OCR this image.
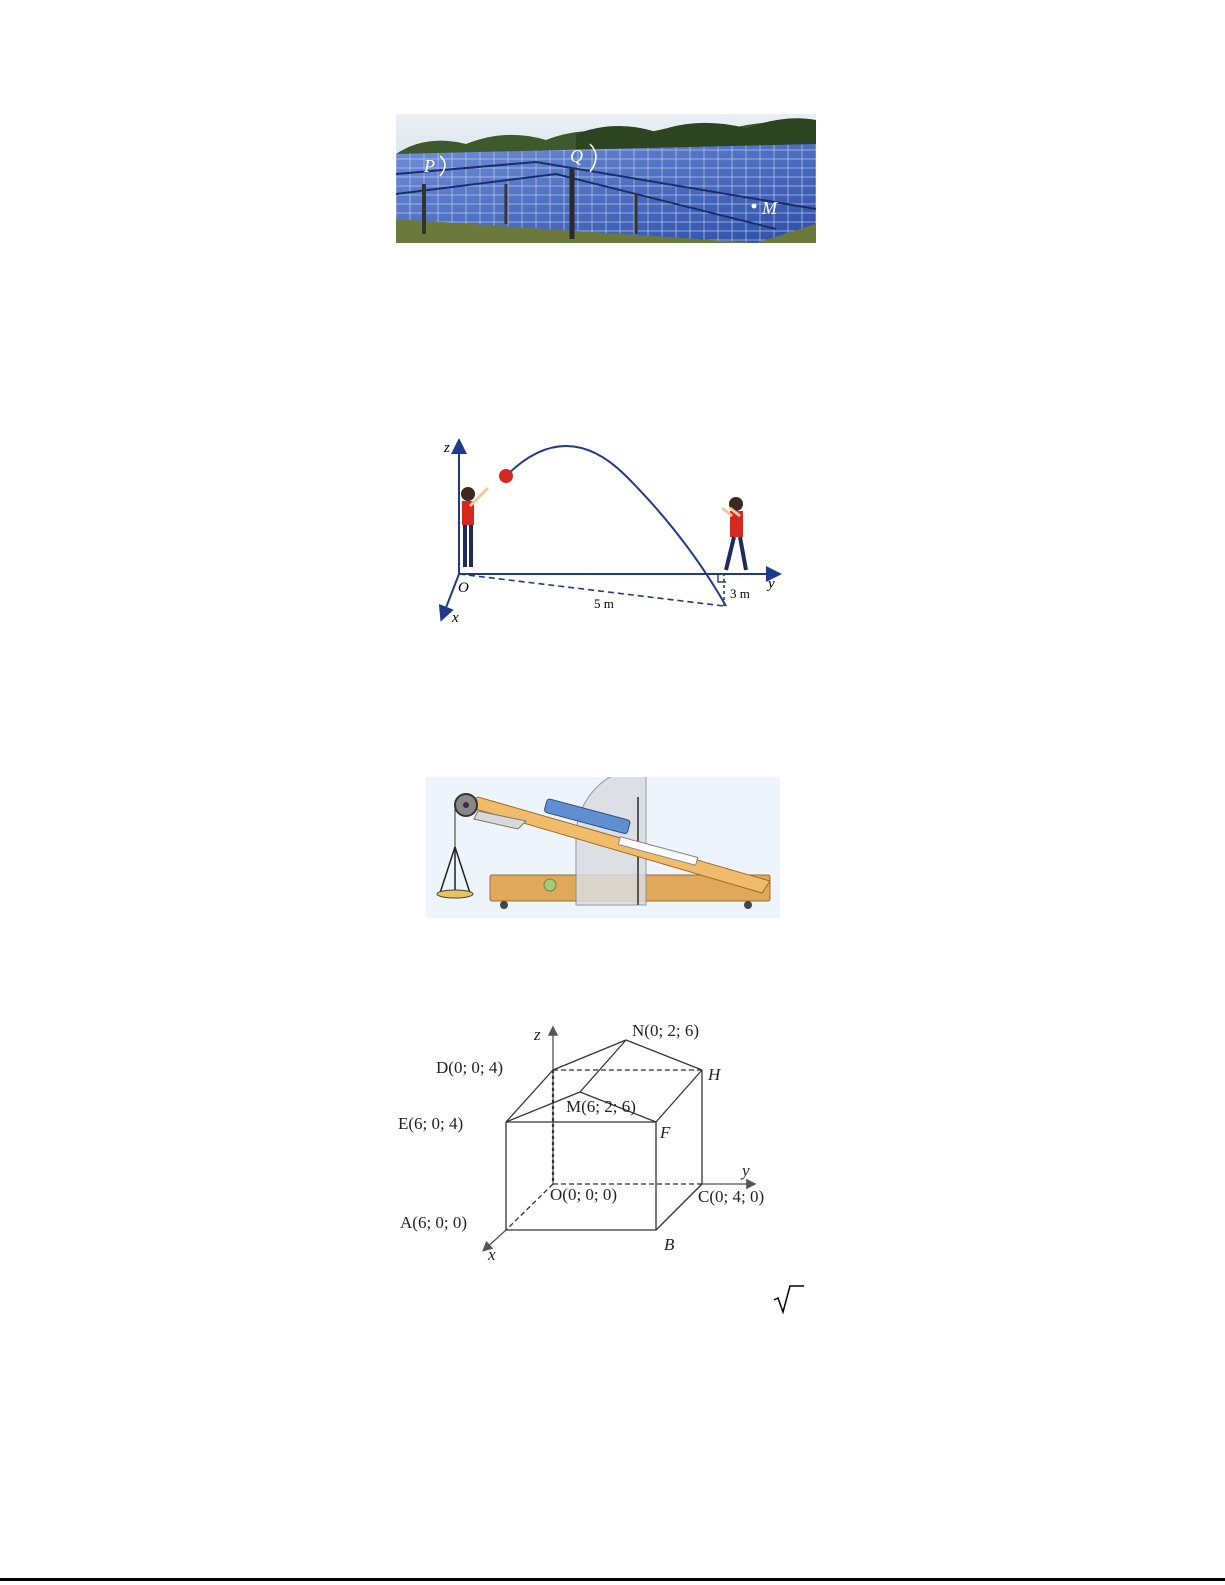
P	Q
M
z
y
x
O
5 m
3 m
z
y
x
N(0; 2; 6)
D(0; 0; 4)	H
M(6; 2; 6)
E(6; 0; 4)	F
O(0; 0; 0)	C(0; 4; 0)
A(6; 0; 0)
B
